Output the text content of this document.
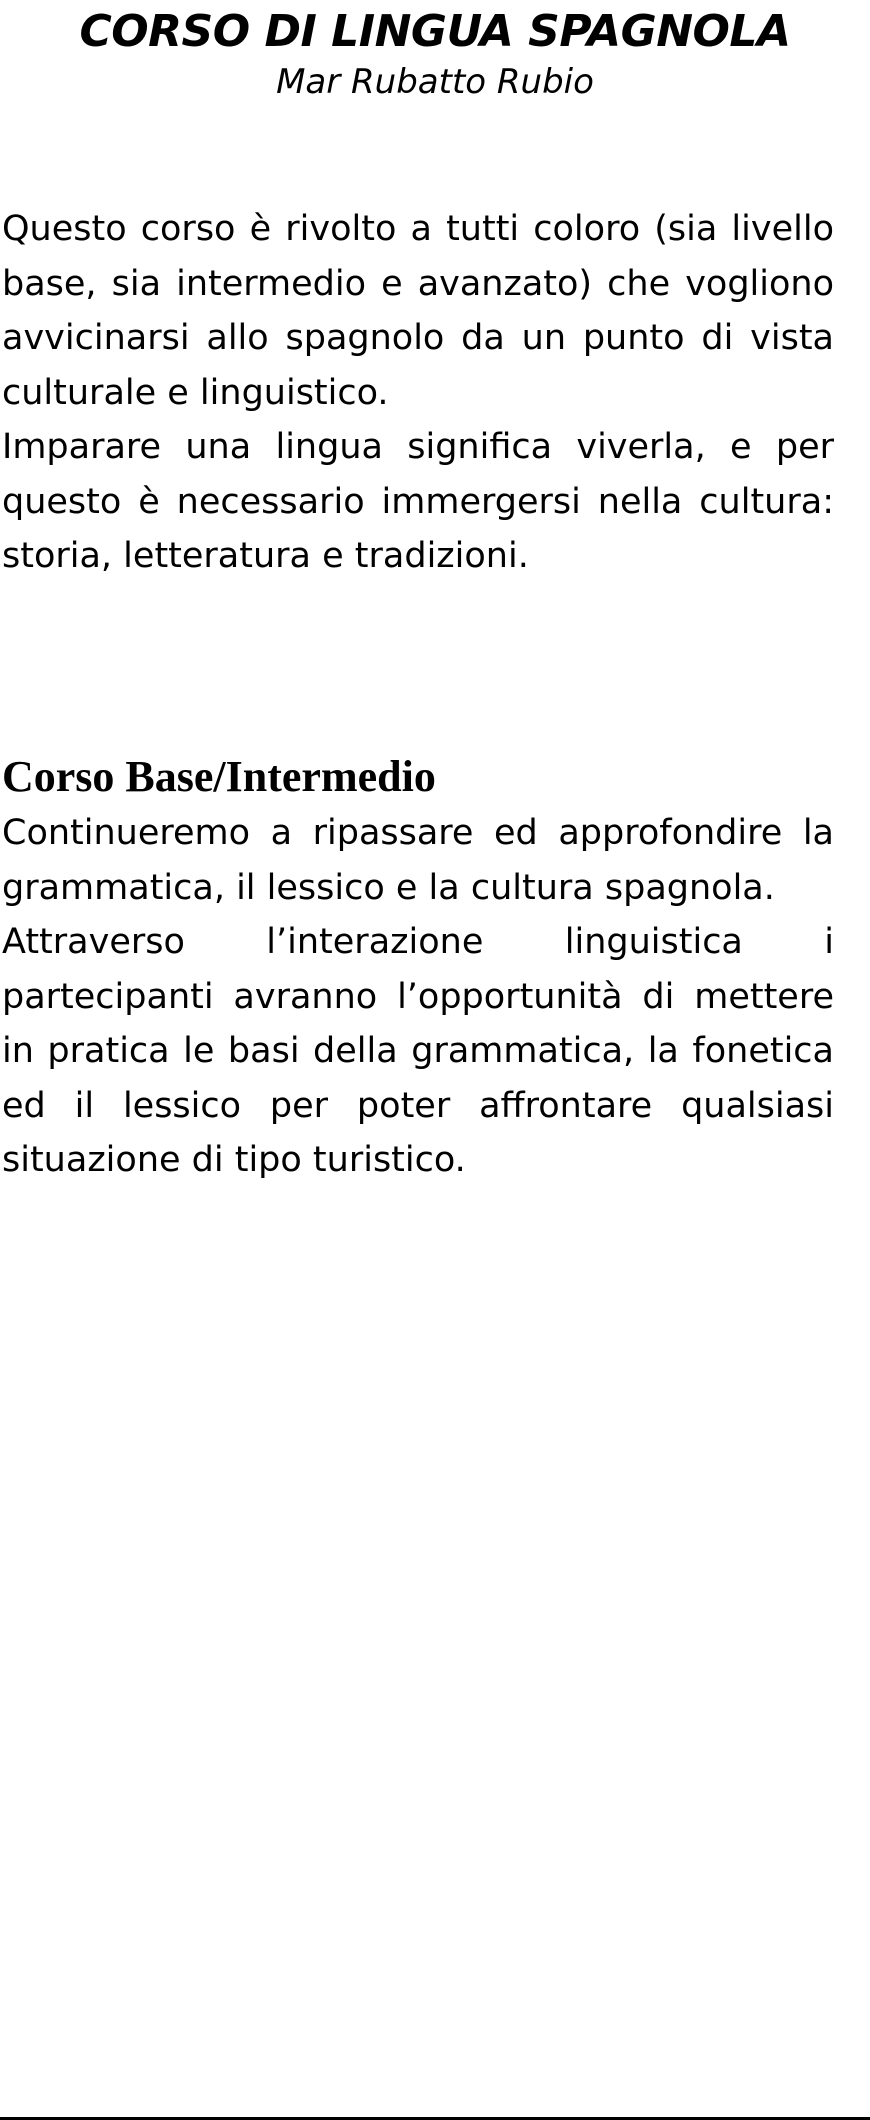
CORSO DI LINGUA SPAGNOLA
Mar Rubatto Rubio

Questo corso è rivolto a tutti coloro (sia livello base, sia intermedio e avanzato) che vogliono avvicinarsi allo spagnolo da un punto di vista culturale e linguistico.

Imparare una lingua significa viverla, e per questo è necessario immergersi nella cultura: storia, letteratura e tradizioni.

Corso Base/Intermedio

Continueremo a ripassare ed approfondire la grammatica, il lessico e la cultura spagnola.

Attraverso l’interazione linguistica i partecipanti avranno l’opportunità di mettere in pratica le basi della grammatica, la fonetica ed il lessico per poter affrontare qualsiasi situazione di tipo turistico.
